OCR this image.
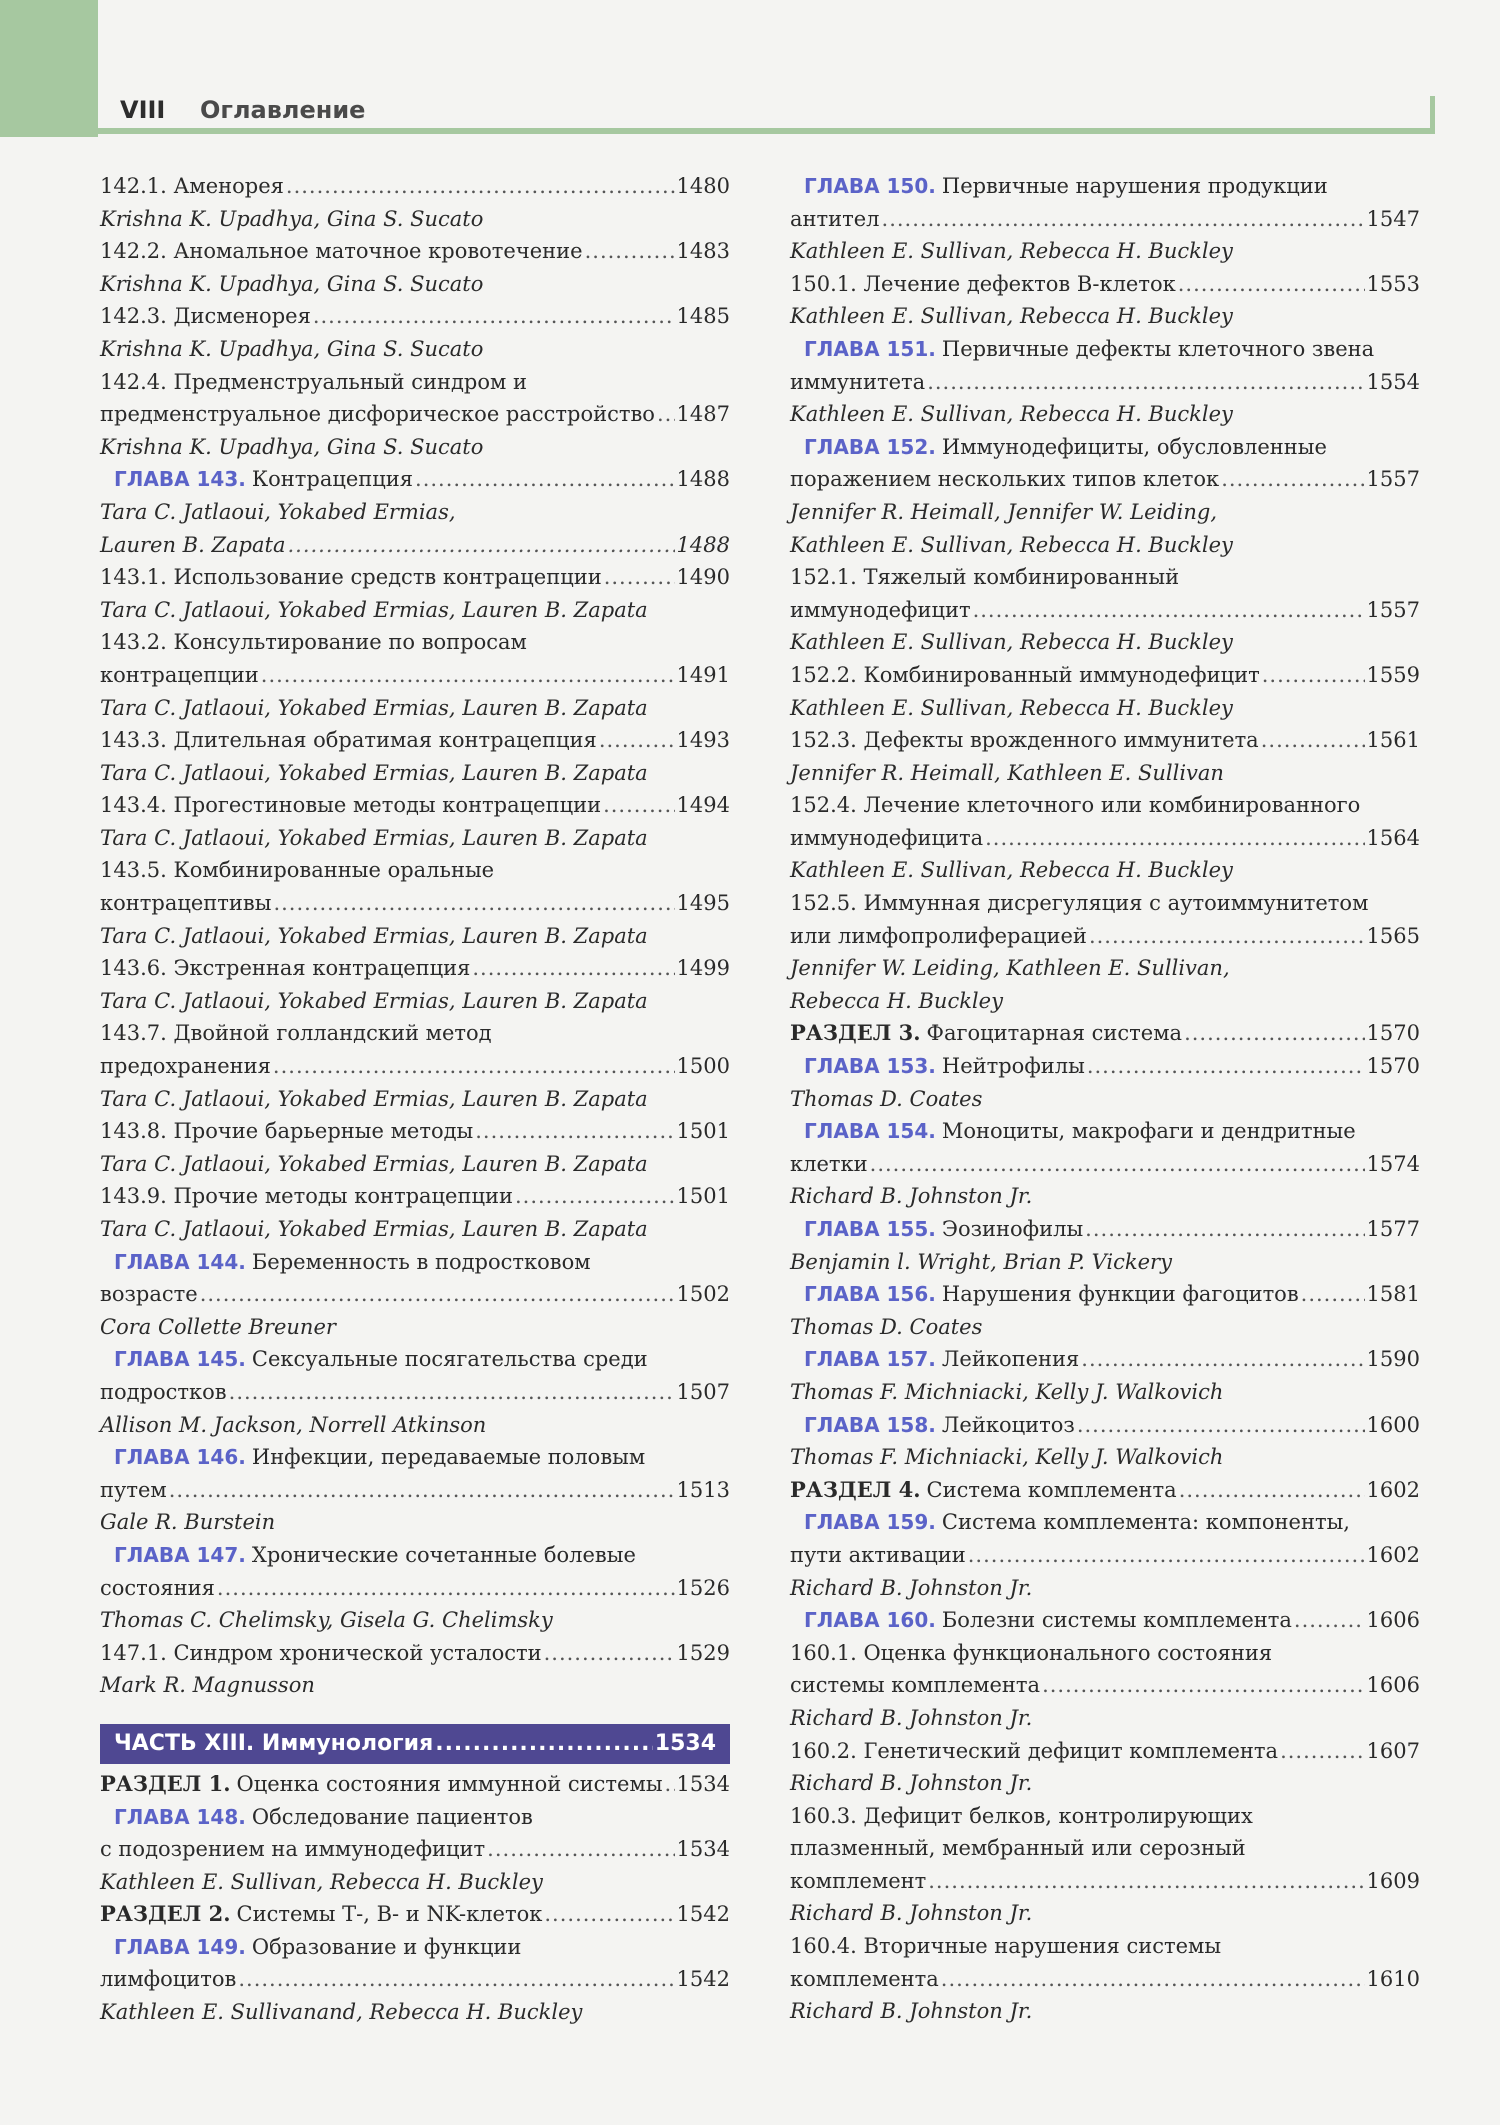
VIII Оглавление
142.1. Аменорея .....	1480
Krishna K. Upadhya, Gina S. Sucato
142.2. Аномальное маточное кровотечение .....	1483
Krishna K. Upadhya, Gina S. Sucato
142.3. Дисменорея .....	1485
Krishna K. Upadhya, Gina S. Sucato
142.4. Предменструальный синдром и
предменструальное дисфорическое расстройство ..... 1487
Krishna K. Upadhya, Gina S. Sucato
ГЛАВА 143. Контрацепция .....	1488
Tara C. Jatlaoui, Yokabed Ermias,
Lauren B. Zapata .....	1488
143.1. Использование средств контрацепции .....	1490
Tara C. Jatlaoui, Yokabed Ermias, Lauren B. Zapata
143.2. Консультирование по вопросам
контрацепции .....	1491
Tara C. Jatlaoui, Yokabed Ermias, Lauren B. Zapata
143.3. Длительная обратимая контрацепция .....	1493
Tara C. Jatlaoui, Yokabed Ermias, Lauren B. Zapata
143.4. Прогестиновые методы контрацепции .....	1494
Tara C. Jatlaoui, Yokabed Ermias, Lauren B. Zapata
143.5. Комбинированные оральные
контрацептивы .....	1495
Tara C. Jatlaoui, Yokabed Ermias, Lauren B. Zapata
143.6. Экстренная контрацепция .....	1499
Tara C. Jatlaoui, Yokabed Ermias, Lauren B. Zapata
143.7. Двойной голландский метод
предохранения .....	1500
Tara C. Jatlaoui, Yokabed Ermias, Lauren B. Zapata
143.8. Прочие барьерные методы .....	1501
Tara C. Jatlaoui, Yokabed Ermias, Lauren B. Zapata
143.9. Прочие методы контрацепции .....	1501
Tara C. Jatlaoui, Yokabed Ermias, Lauren B. Zapata
ГЛАВА 144. Беременность в подростковом
возрасте .....	1502
Cora Collette Breuner
ГЛАВА 145. Сексуальные посягательства среди
подростков .....	1507
Allison M. Jackson, Norrell Atkinson
ГЛАВА 146. Инфекции, передаваемые половым
путем .....	1513
Gale R. Burstein
ГЛАВА 147. Хронические сочетанные болевые
состояния .....	1526
Thomas C. Chelimsky, Gisela G. Chelimsky
147.1. Синдром хронической усталости .....	1529
Mark R. Magnusson
ЧАСТЬ XIII. Иммунология .....	1534
РАЗДЕЛ 1. Оценка состояния иммунной системы ..... 1534
ГЛАВА 148. Обследование пациентов
с подозрением на иммунодефицит .....	1534
Kathleen E. Sullivan, Rebecca H. Buckley
РАЗДЕЛ 2. Системы Т-, В- и NK-клеток .....	1542
ГЛАВА 149. Образование и функции
лимфоцитов .....	1542
Kathleen E. Sullivanand, Rebecca H. Buckley
ГЛАВА 150. Первичные нарушения продукции
антител .....	1547
Kathleen E. Sullivan, Rebecca H. Buckley
150.1. Лечение дефектов В-клеток .....	1553
Kathleen E. Sullivan, Rebecca H. Buckley
ГЛАВА 151. Первичные дефекты клеточного звена
иммунитета .....	1554
Kathleen E. Sullivan, Rebecca H. Buckley
ГЛАВА 152. Иммунодефициты, обусловленные
поражением нескольких типов клеток .....	1557
Jennifer R. Heimall, Jennifer W. Leiding,
Kathleen E. Sullivan, Rebecca H. Buckley
152.1. Тяжелый комбинированный
иммунодефицит .....	1557
Kathleen E. Sullivan, Rebecca H. Buckley
152.2. Комбинированный иммунодефицит .....	1559
Kathleen E. Sullivan, Rebecca H. Buckley
152.3. Дефекты врожденного иммунитета .....	1561
Jennifer R. Heimall, Kathleen E. Sullivan
152.4. Лечение клеточного или комбинированного
иммунодефицита .....	1564
Kathleen E. Sullivan, Rebecca H. Buckley
152.5. Иммунная дисрегуляция с аутоиммунитетом
или лимфопролиферацией .....	1565
Jennifer W. Leiding, Kathleen E. Sullivan,
Rebecca H. Buckley
РАЗДЕЛ 3. Фагоцитарная система .....	1570
ГЛАВА 153. Нейтрофилы .....	1570
Thomas D. Coates
ГЛАВА 154. Моноциты, макрофаги и дендритные
клетки .....	1574
Richard B. Johnston Jr.
ГЛАВА 155. Эозинофилы .....	1577
Benjamin l. Wright, Brian P. Vickery
ГЛАВА 156. Нарушения функции фагоцитов .....	1581
Thomas D. Coates
ГЛАВА 157. Лейкопения .....	1590
Thomas F. Michniacki, Kelly J. Walkovich
ГЛАВА 158. Лейкоцитоз .....	1600
Thomas F. Michniacki, Kelly J. Walkovich
РАЗДЕЛ 4. Система комплемента .....	1602
ГЛАВА 159. Система комплемента: компоненты,
пути активации .....	1602
Richard B. Johnston Jr.
ГЛАВА 160. Болезни системы комплемента .....	1606
160.1. Оценка функционального состояния
системы комплемента .....	1606
Richard B. Johnston Jr.
160.2. Генетический дефицит комплемента .....	1607
Richard B. Johnston Jr.
160.3. Дефицит белков, контролирующих
плазменный, мембранный или серозный
комплемент .....	1609
Richard B. Johnston Jr.
160.4. Вторичные нарушения системы
комплемента .....	1610
Richard B. Johnston Jr.
